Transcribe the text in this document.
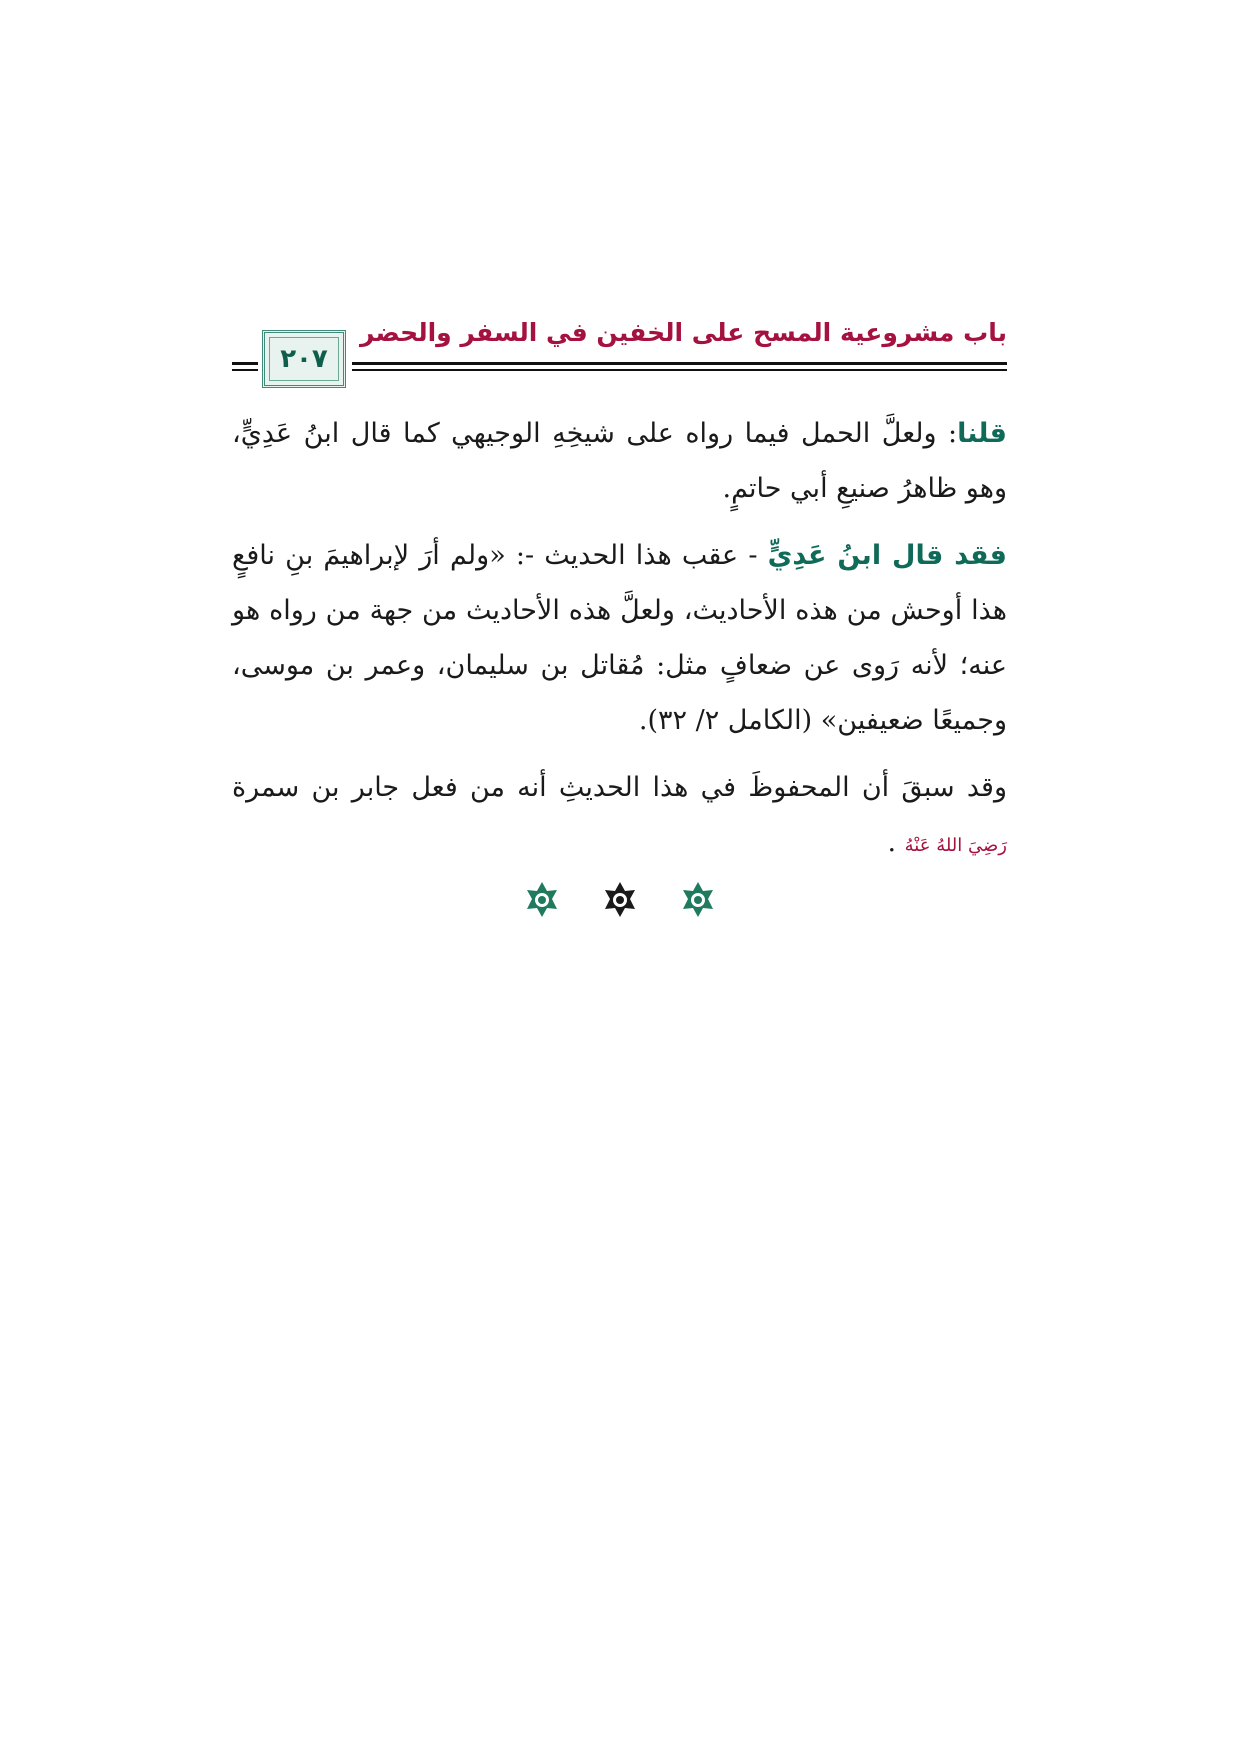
باب مشروعية المسح على الخفين في السفر والحضر
٢٠٧

قلنا: ولعلَّ الحمل فيما رواه على شيخِهِ الوجيهي كما قال ابنُ عَدِيٍّ، وهو ظاهرُ صنيعِ أبي حاتمٍ.

فقد قال ابنُ عَدِيٍّ - عقب هذا الحديث -: «ولم أرَ لإبراهيمَ بنِ نافعٍ هذا أوحش من هذه الأحاديث، ولعلَّ هذه الأحاديث من جهة من رواه هو عنه؛ لأنه رَوى عن ضعافٍ مثل: مُقاتل بن سليمان، وعمر بن موسى، وجميعًا ضعيفين» (الكامل ٢/ ٣٢).

وقد سبقَ أن المحفوظَ في هذا الحديثِ أنه من فعل جابر بن سمرة رَضِيَ اللهُ عَنْهُ .
